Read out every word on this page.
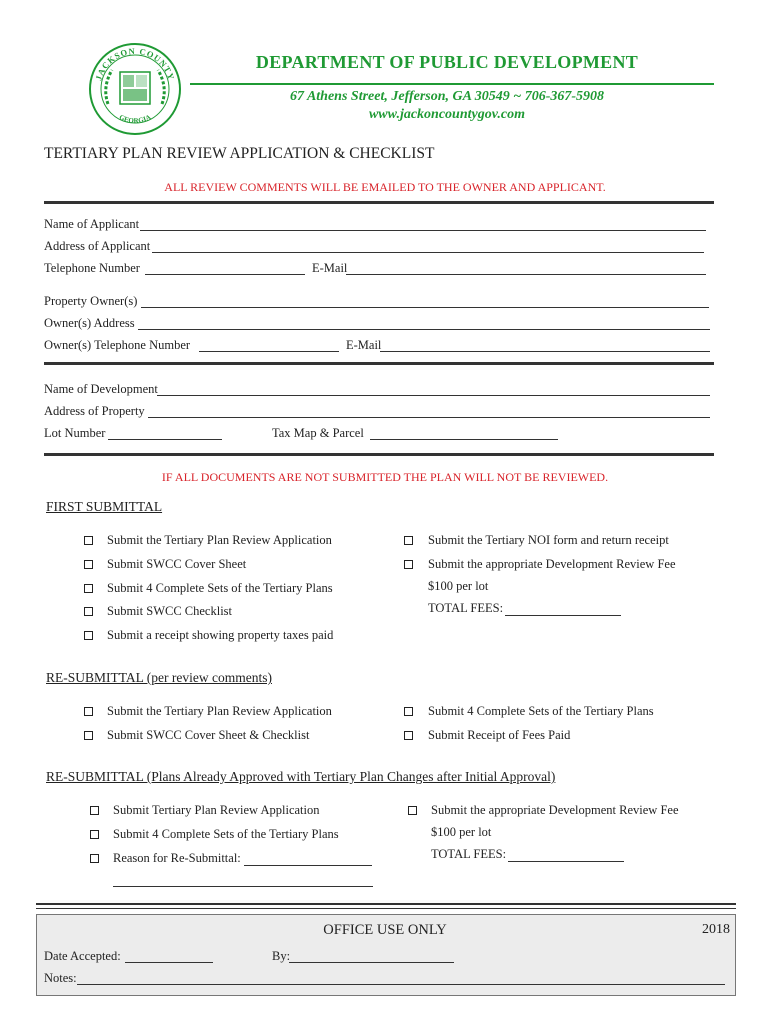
JACKSON COUNTY
GEORGIA
DEPARTMENT OF PUBLIC DEVELOPMENT
67 Athens Street, Jefferson, GA 30549 ~ 706-367-5908
www.jackoncountygov.com
TERTIARY PLAN REVIEW APPLICATION & CHECKLIST
ALL REVIEW COMMENTS WILL BE EMAILED TO THE OWNER AND APPLICANT.
Name of Applicant
Address of Applicant
Telephone Number	E-Mail
Property Owner(s)
Owner(s) Address
Owner(s) Telephone Number	E-Mail
Name of Development
Address of Property
Lot Number	Tax Map & Parcel
IF ALL DOCUMENTS ARE NOT SUBMITTED THE PLAN WILL NOT BE REVIEWED.
FIRST SUBMITTAL
Submit the Tertiary Plan Review Application
Submit SWCC Cover Sheet
Submit 4 Complete Sets of the Tertiary Plans
Submit SWCC Checklist
Submit a receipt showing property taxes paid
Submit the Tertiary NOI form and return receipt
Submit the appropriate Development Review Fee
$100 per lot
TOTAL FEES:
RE-SUBMITTAL (per review comments)
Submit the Tertiary Plan Review Application
Submit SWCC Cover Sheet & Checklist
Submit 4 Complete Sets of the Tertiary Plans
Submit Receipt of Fees Paid
RE-SUBMITTAL (Plans Already Approved with Tertiary Plan Changes after Initial Approval)
Submit Tertiary Plan Review Application
Submit 4 Complete Sets of the Tertiary Plans
Reason for Re-Submittal:
Submit the appropriate Development Review Fee
$100 per lot
TOTAL FEES:
OFFICE USE ONLY	2018
Date Accepted:	By:
Notes:
